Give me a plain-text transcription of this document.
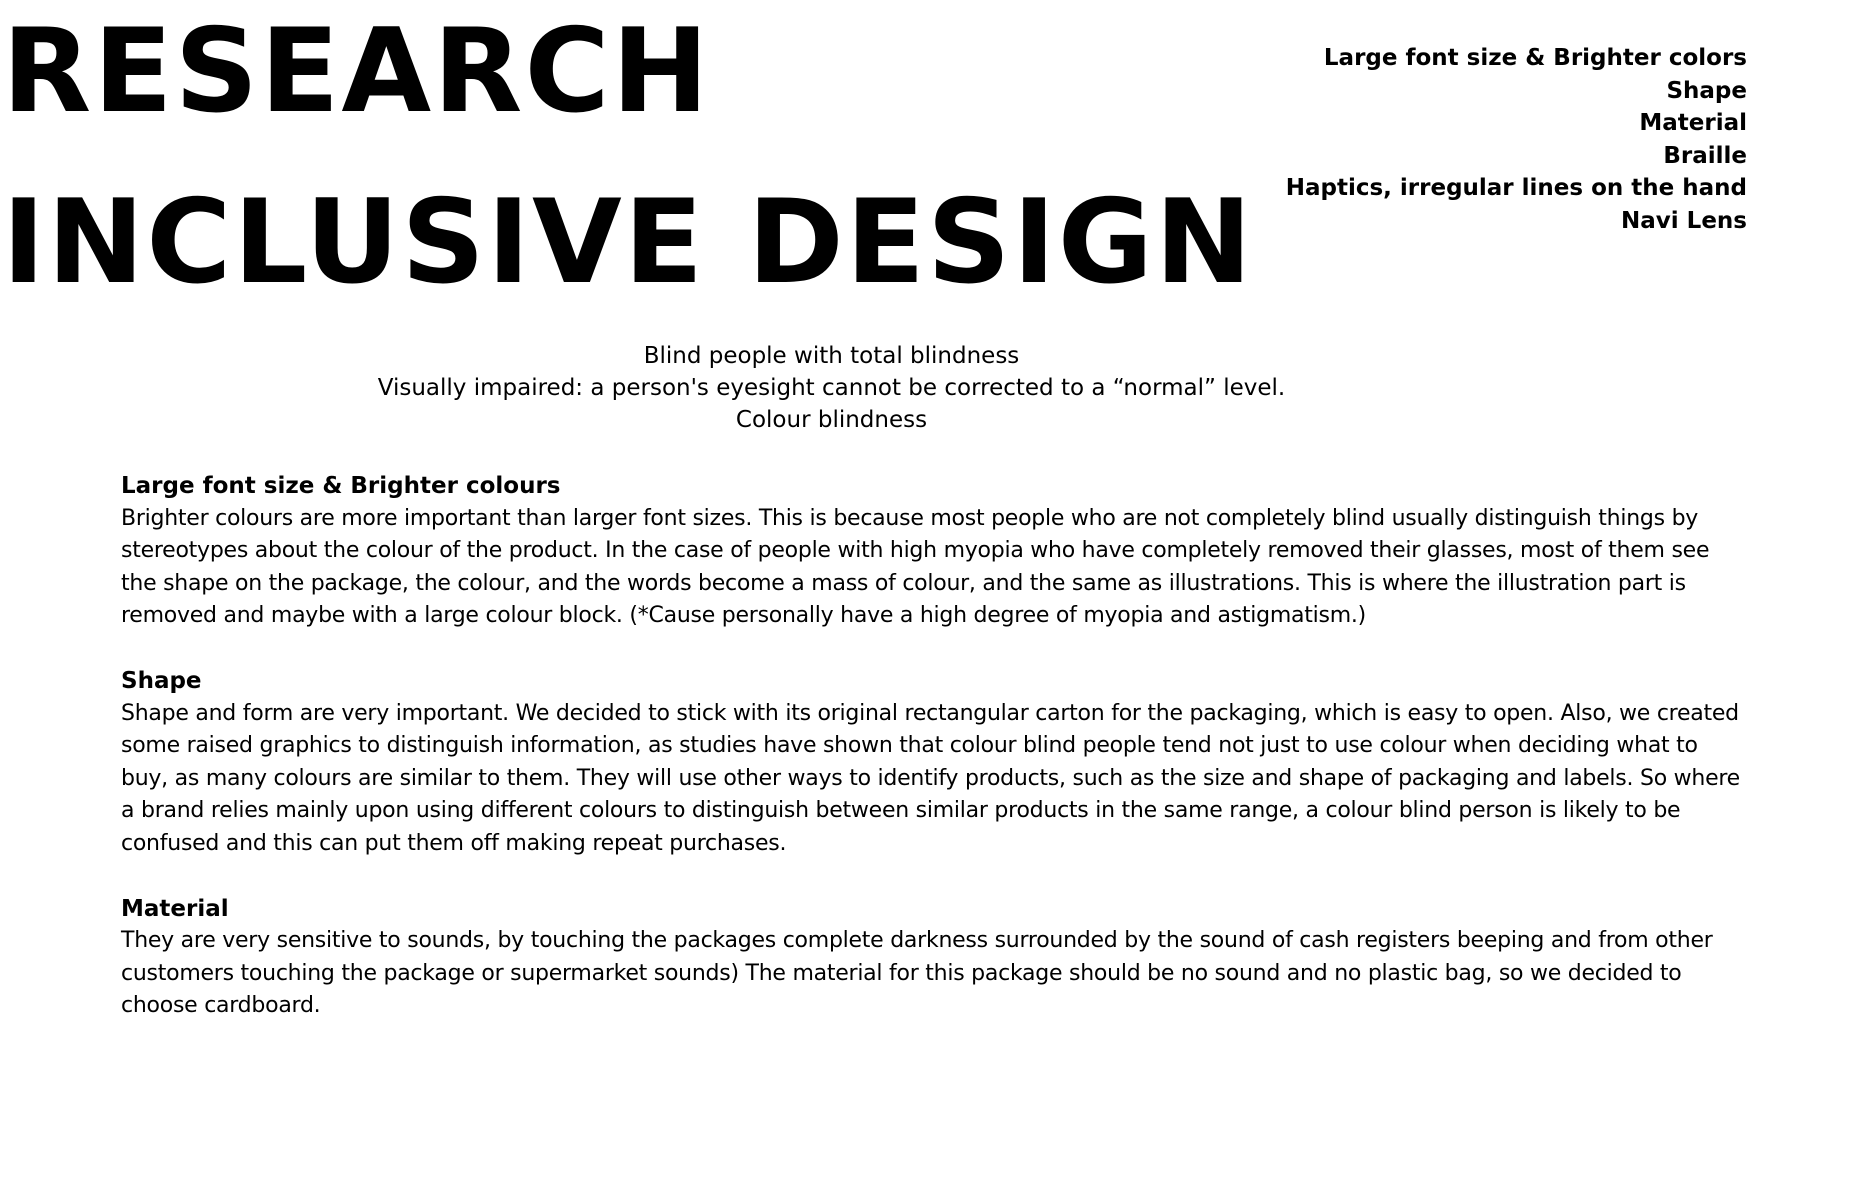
RESEARCH
INCLUSIVE DESIGN
Large font size & Brighter colors
Shape
Material
Braille
Haptics, irregular lines on the hand
Navi Lens
Blind people with total blindness
Visually impaired: a person's eyesight cannot be corrected to a “normal” level.
Colour blindness
Large font size & Brighter colours

Brighter colours are more important than larger font sizes. This is because most people who are not completely blind usually distinguish things by stereotypes about the colour of the product. In the case of people with high myopia who have completely removed their glasses, most of them see the shape on the package, the colour, and the words become a mass of colour, and the same as illustrations. This is where the illustration part is removed and maybe with a large colour block. (*Cause personally have a high degree of myopia and astigmatism.)

Shape

Shape and form are very important. We decided to stick with its original rectangular carton for the packaging, which is easy to open. Also, we created some raised graphics to distinguish information, as studies have shown that colour blind people tend not just to use colour when deciding what to buy, as many colours are similar to them. They will use other ways to identify products, such as the size and shape of packaging and labels. So where a brand relies mainly upon using different colours to distinguish between similar products in the same range, a colour blind person is likely to be confused and this can put them off making repeat purchases.

Material

They are very sensitive to sounds, by touching the packages complete darkness surrounded by the sound of cash registers beeping and from other customers touching the package or supermarket sounds) The material for this package should be no sound and no plastic bag, so we decided to choose cardboard.
